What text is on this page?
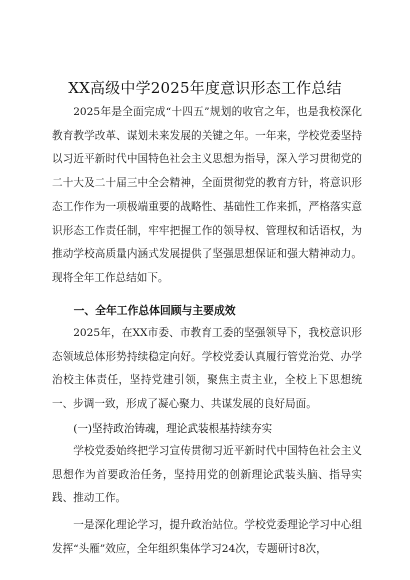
XX高级中学2025年度意识形态工作总结

2025年是全面完成“十四五”规划的收官之年，也是我校深化教育教学改革、谋划未来发展的关键之年。一年来，学校党委坚持以习近平新时代中国特色社会主义思想为指导，深入学习贯彻党的二十大及二十届三中全会精神，全面贯彻党的教育方针，将意识形态工作作为一项极端重要的战略性、基础性工作来抓，严格落实意识形态工作责任制，牢牢把握工作的领导权、管理权和话语权，为推动学校高质量内涵式发展提供了坚强思想保证和强大精神动力。现将全年工作总结如下。

一、全年工作总体回顾与主要成效

2025年，在XX市委、市教育工委的坚强领导下，我校意识形态领域总体形势持续稳定向好。学校党委认真履行管党治党、办学治校主体责任，坚持党建引领，聚焦主责主业，全校上下思想统一、步调一致，形成了凝心聚力、共谋发展的良好局面。

(一)坚持政治铸魂，理论武装根基持续夯实

学校党委始终把学习宣传贯彻习近平新时代中国特色社会主义思想作为首要政治任务，坚持用党的创新理论武装头脑、指导实践、推动工作。

一是深化理论学习，提升政治站位。学校党委理论学习中心组发挥“头雁”效应，全年组织集体学习24次，专题研讨8次，
